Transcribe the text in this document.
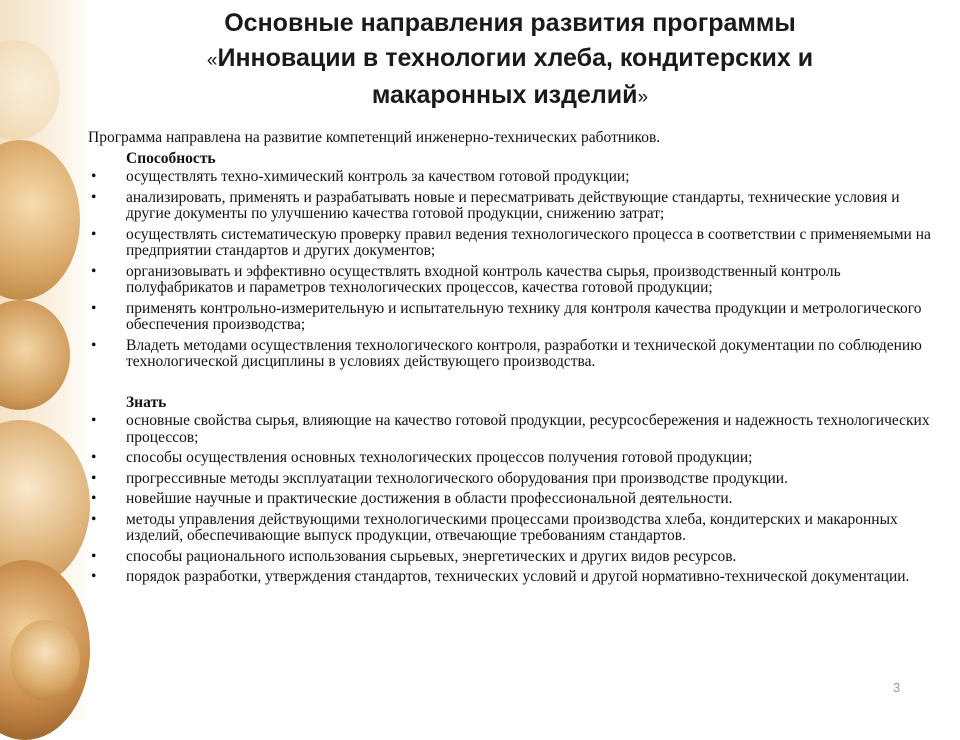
Основные направления развития программы
«Инновации в технологии хлеба, кондитерских и
макаронных изделий»
Программа направлена на развитие компетенций инженерно-технических работников.
Способность
• осуществлять техно-химический контроль за качеством готовой продукции;
• анализировать, применять и разрабатывать новые и пересматривать действующие стандарты, технические условия и другие документы по улучшению качества готовой продукции, снижению затрат;
• осуществлять систематическую проверку правил ведения технологического процесса в соответствии с применяемыми на предприятии стандартов и других документов;
• организовывать и эффективно осуществлять входной контроль качества сырья, производственный контроль полуфабрикатов и параметров технологических процессов, качества готовой продукции;
• применять контрольно-измерительную и испытательную технику для контроля качества продукции и метрологического обеспечения производства;
• Владеть методами осуществления технологического контроля, разработки и технической документации по соблюдению технологической дисциплины в условиях действующего производства.
Знать
• основные свойства сырья, влияющие на качество готовой продукции, ресурсосбережения и надежность технологических процессов;
• способы осуществления основных технологических процессов получения готовой продукции;
• прогрессивные методы эксплуатации технологического оборудования при производстве продукции.
• новейшие научные и практические достижения в области профессиональной деятельности.
• методы управления действующими технологическими процессами производства хлеба, кондитерских и макаронных изделий, обеспечивающие выпуск продукции, отвечающие требованиям стандартов.
• способы рационального использования сырьевых, энергетических и других видов ресурсов.
• порядок разработки, утверждения стандартов, технических условий и другой нормативно-технической документации.
3
